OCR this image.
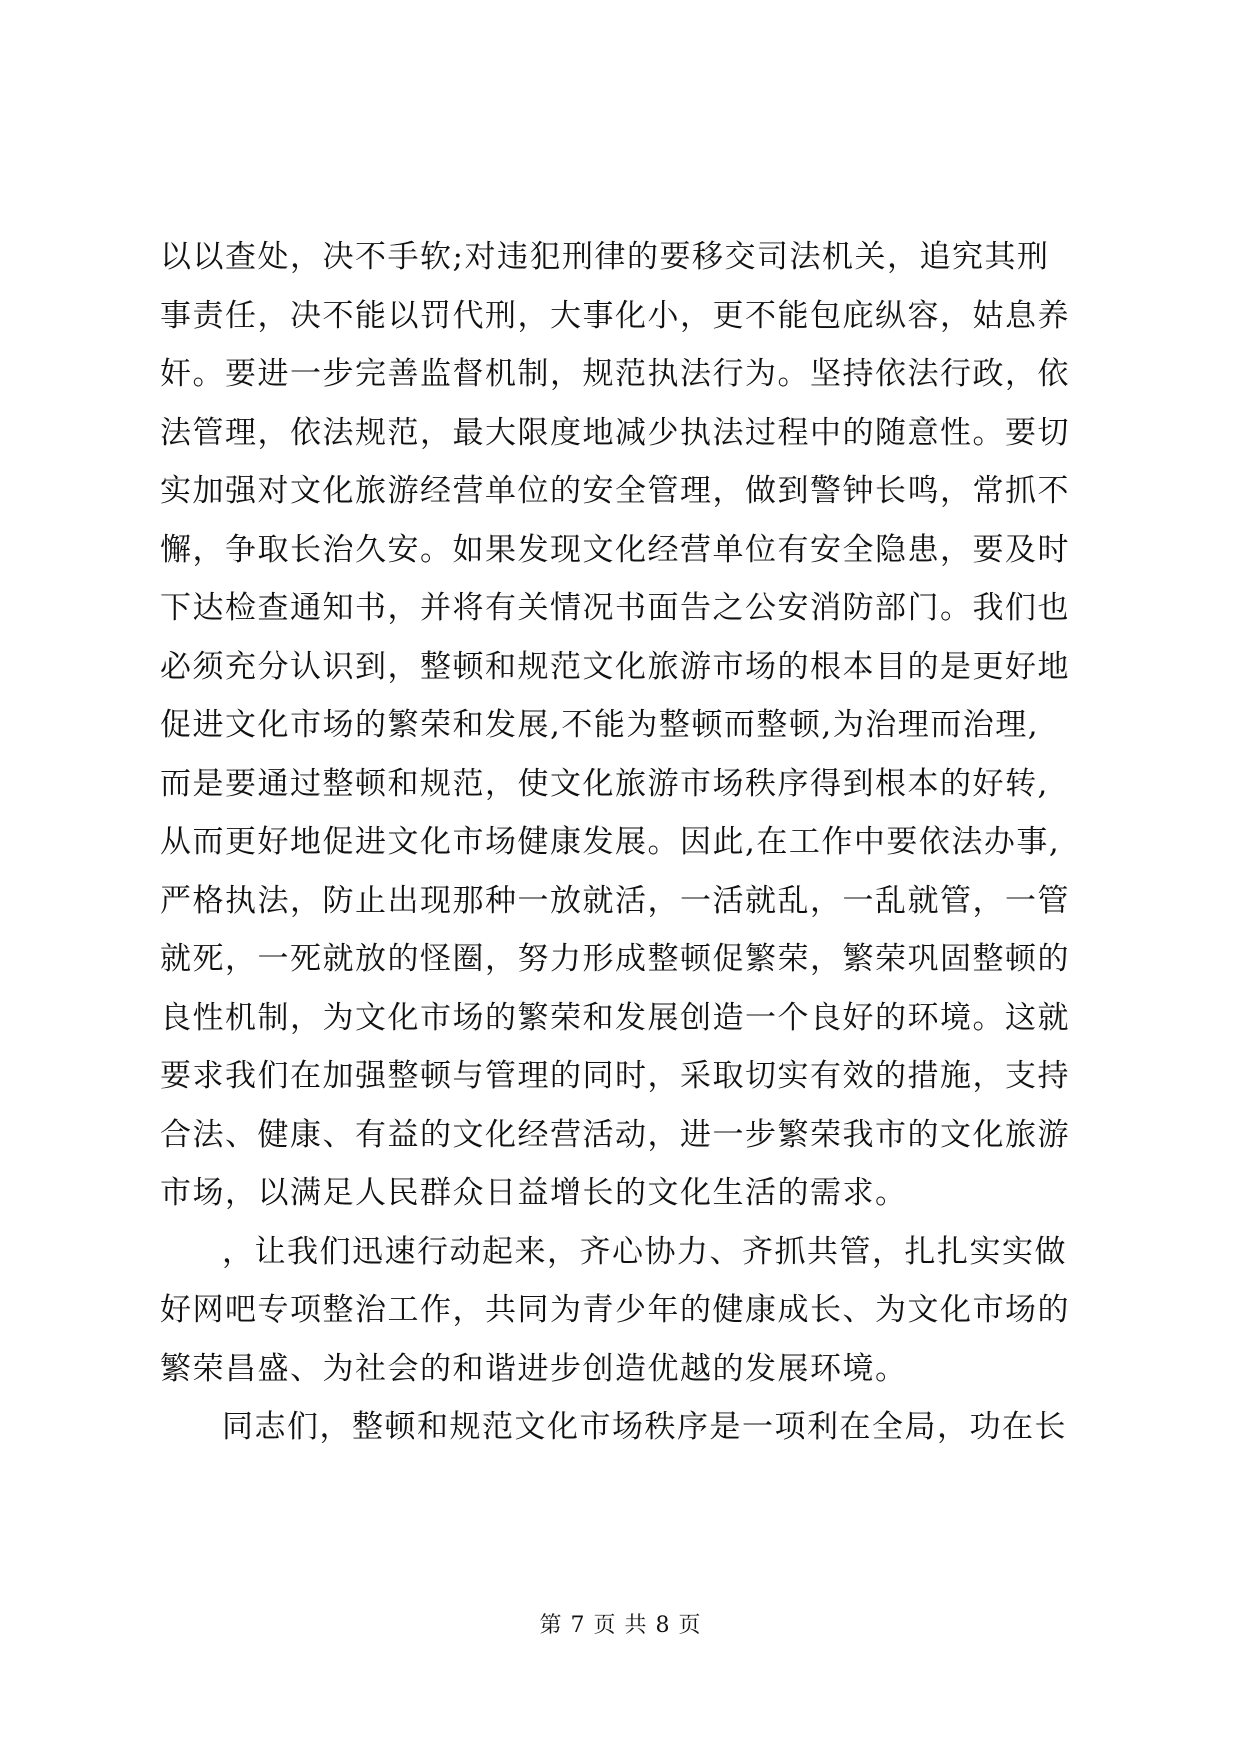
以以查处，决不手软;对违犯刑律的要移交司法机关，追究其刑
事责任，决不能以罚代刑，大事化小，更不能包庇纵容，姑息养
奸。要进一步完善监督机制，规范执法行为。坚持依法行政，依
法管理，依法规范，最大限度地减少执法过程中的随意性。要切
实加强对文化旅游经营单位的安全管理，做到警钟长鸣，常抓不
懈，争取长治久安。如果发现文化经营单位有安全隐患，要及时
下达检查通知书，并将有关情况书面告之公安消防部门。我们也
必须充分认识到，整顿和规范文化旅游市场的根本目的是更好地
促进文化市场的繁荣和发展,不能为整顿而整顿,为治理而治理,
而是要通过整顿和规范，使文化旅游市场秩序得到根本的好转,
从而更好地促进文化市场健康发展。因此,在工作中要依法办事,
严格执法，防止出现那种一放就活，一活就乱，一乱就管，一管
就死，一死就放的怪圈，努力形成整顿促繁荣，繁荣巩固整顿的
良性机制，为文化市场的繁荣和发展创造一个良好的环境。这就
要求我们在加强整顿与管理的同时，采取切实有效的措施，支持
合法、健康、有益的文化经营活动，进一步繁荣我市的文化旅游
市场，以满足人民群众日益增长的文化生活的需求。
，让我们迅速行动起来，齐心协力、齐抓共管，扎扎实实做
好网吧专项整治工作，共同为青少年的健康成长、为文化市场的
繁荣昌盛、为社会的和谐进步创造优越的发展环境。
同志们，整顿和规范文化市场秩序是一项利在全局，功在长
第 7 页 共 8 页
